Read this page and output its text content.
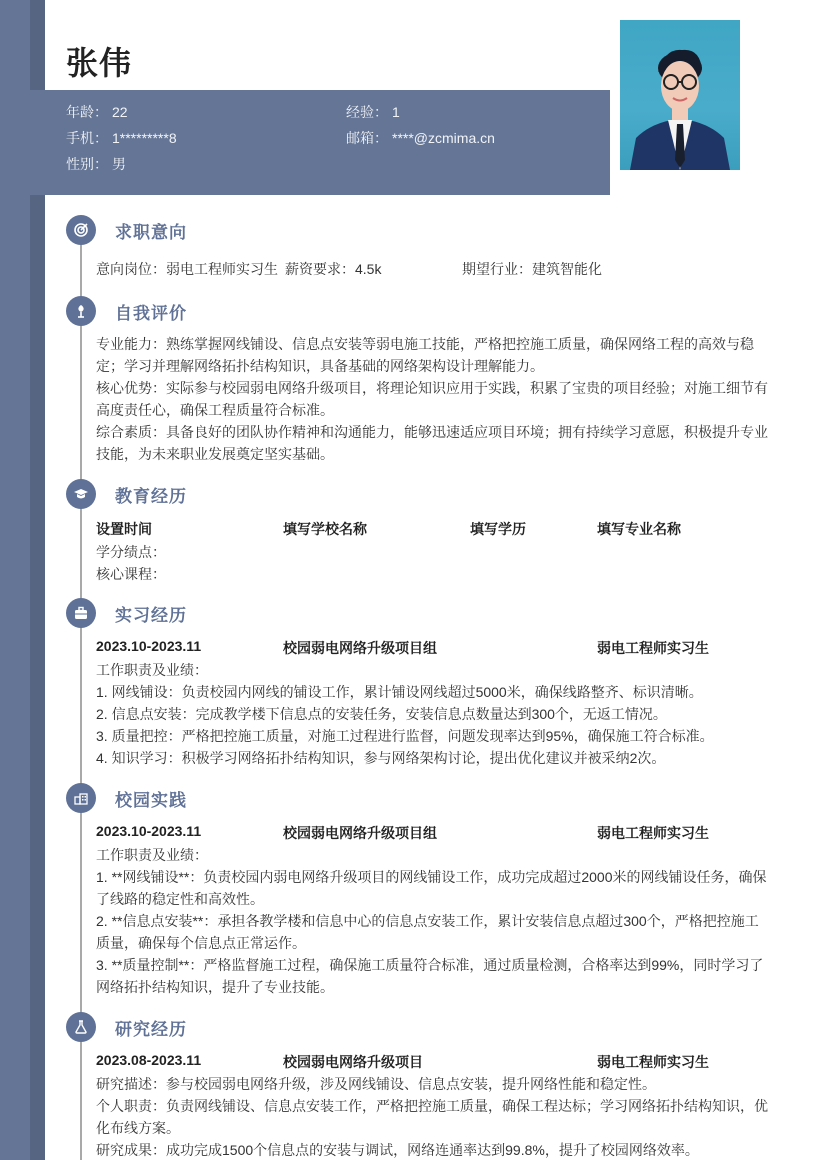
张伟
年龄： 22	经验： 1
手机： 1*********8	邮箱： ****@zcmima.cn
性别： 男
求职意向
意向岗位：弱电工程师实习生 薪资要求：4.5k	期望行业：建筑智能化
自我评价
专业能力：熟练掌握网线铺设、信息点安装等弱电施工技能，严格把控施工质量，确保网络工程的高效与稳定；学习并理解网络拓扑结构知识，具备基础的网络架构设计理解能力。
核心优势：实际参与校园弱电网络升级项目，将理论知识应用于实践，积累了宝贵的项目经验；对施工细节有高度责任心，确保工程质量符合标准。
综合素质：具备良好的团队协作精神和沟通能力，能够迅速适应项目环境；拥有持续学习意愿，积极提升专业技能，为未来职业发展奠定坚实基础。
教育经历
设置时间	填写学校名称	填写学历	填写专业名称
学分绩点：
核心课程：
实习经历
2023.10-2023.11	校园弱电网络升级项目组	弱电工程师实习生
工作职责及业绩：
1. 网线铺设：负责校园内网线的铺设工作，累计铺设网线超过5000米，确保线路整齐、标识清晰。
2. 信息点安装：完成教学楼下信息点的安装任务，安装信息点数量达到300个，无返工情况。
3. 质量把控：严格把控施工质量，对施工过程进行监督，问题发现率达到95%，确保施工符合标准。
4. 知识学习：积极学习网络拓扑结构知识，参与网络架构讨论，提出优化建议并被采纳2次。
校园实践
2023.10-2023.11	校园弱电网络升级项目组	弱电工程师实习生
工作职责及业绩：
1. **网线铺设**：负责校园内弱电网络升级项目的网线铺设工作，成功完成超过2000米的网线铺设任务，确保了线路的稳定性和高效性。
2. **信息点安装**：承担各教学楼和信息中心的信息点安装工作，累计安装信息点超过300个，严格把控施工质量，确保每个信息点正常运作。
3. **质量控制**：严格监督施工过程，确保施工质量符合标准，通过质量检测，合格率达到99%，同时学习了网络拓扑结构知识，提升了专业技能。
研究经历
2023.08-2023.11	校园弱电网络升级项目	弱电工程师实习生
研究描述：参与校园弱电网络升级，涉及网线铺设、信息点安装，提升网络性能和稳定性。
个人职责：负责网线铺设、信息点安装工作，严格把控施工质量，确保工程达标；学习网络拓扑结构知识，优化布线方案。
研究成果：成功完成1500个信息点的安装与调试，网络连通率达到99.8%，提升了校园网络效率。
